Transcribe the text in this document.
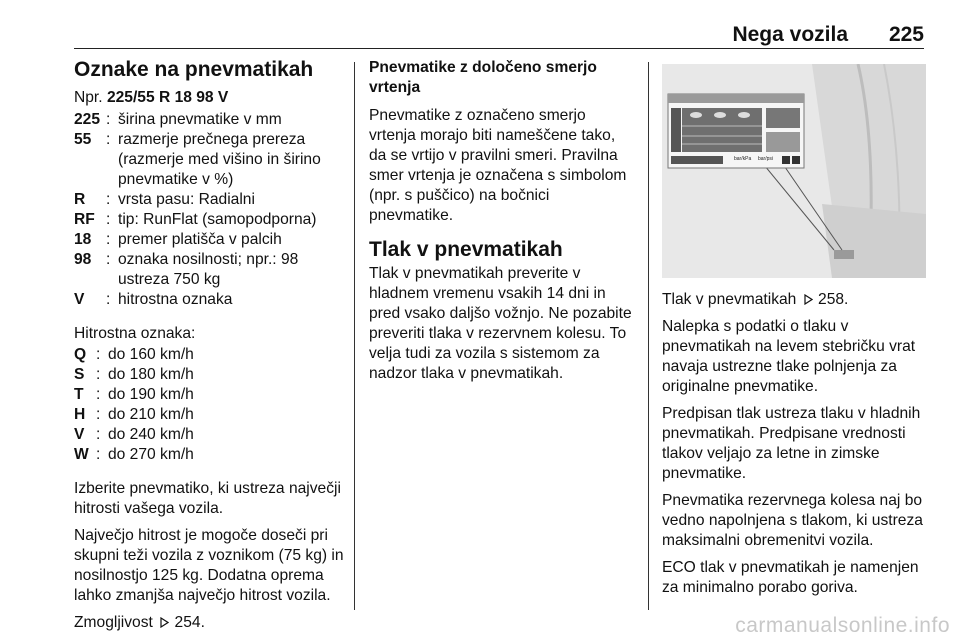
Nega vozila 225
Oznake na pnevmatikah

Npr. 225/55 R 18 98 V

225 : širina pnevmatike v mm
55 : razmerje prečnega prereza (razmerje med višino in širino pnevmatike v %)
R	: vrsta pasu: Radialni
RF : tip: RunFlat (samopodporna)
18 : premer platišča v palcih
98 : oznaka nosilnosti; npr.: 98 ustreza 750 kg
V	: hitrostna oznaka

Hitrostna oznaka:

Q : do 160 km/h
S : do 180 km/h
T : do 190 km/h
H : do 210 km/h
V : do 240 km/h
W : do 270 km/h

Izberite pnevmatiko, ki ustreza največji hitrosti vašega vozila.

Največjo hitrost je mogoče doseči pri skupni teži vozila z voznikom (75 kg) in nosilnostjo 125 kg. Dodatna oprema lahko zmanjša največjo hitrost vozila.

Zmogljivost 254.

Pnevmatike z določeno smerjo vrtenja

Pnevmatike z označeno smerjo vrtenja morajo biti nameščene tako, da se vrtijo v pravilni smeri. Pravilna smer vrtenja je označena s simbolom (npr. s puščico) na bočnici pnevmatike.

Tlak v pnevmatikah

Tlak v pnevmatikah preverite v hladnem vremenu vsakih 14 dni in pred vsako daljšo vožnjo. Ne pozabite preveriti tlaka v rezervnem kolesu. To velja tudi za vozila s sistemom za nadzor tlaka v pnevmatikah.

bar/kPa bar/psi

Tlak v pnevmatikah 258.

Nalepka s podatki o tlaku v pnevmatikah na levem stebričku vrat navaja ustrezne tlake polnjenja za originalne pnevmatike.

Predpisan tlak ustreza tlaku v hladnih pnevmatikah. Predpisane vrednosti tlakov veljajo za letne in zimske pnevmatike.

Pnevmatika rezervnega kolesa naj bo vedno napolnjena s tlakom, ki ustreza maksimalni obremenitvi vozila.

ECO tlak v pnevmatikah je namenjen za minimalno porabo goriva.

carmanualsonline.info
